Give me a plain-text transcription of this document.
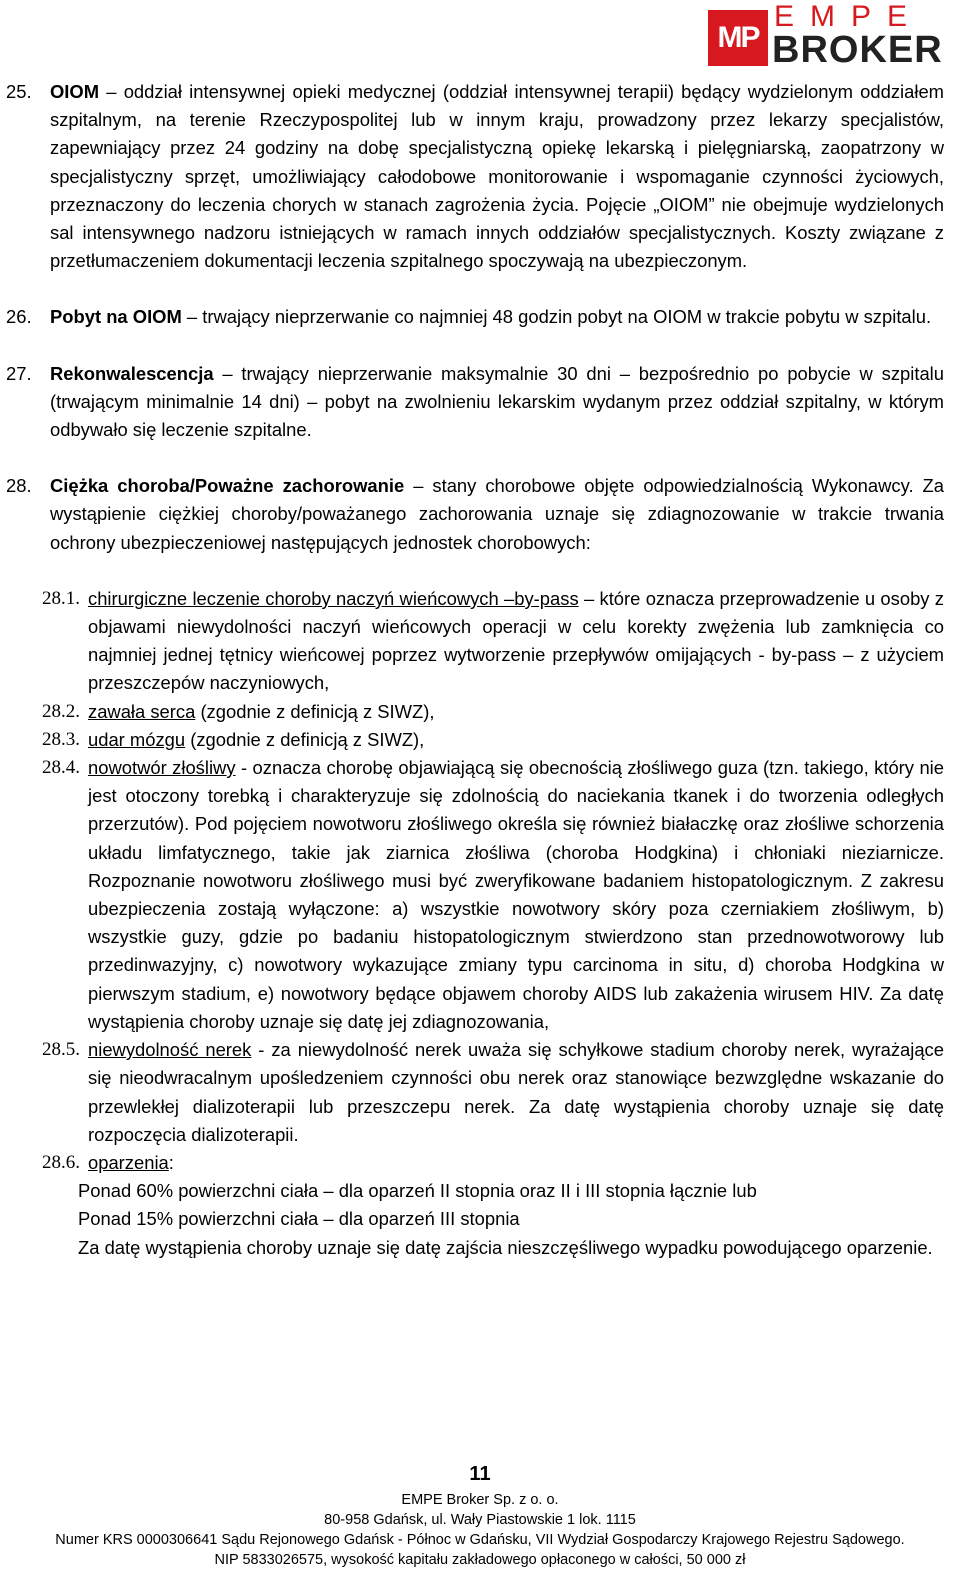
MP
EMPE
BROKER
25. OIOM – oddział intensywnej opieki medycznej (oddział intensywnej terapii) będący wydzielonym oddziałem szpitalnym, na terenie Rzeczypospolitej lub w innym kraju, prowadzony przez lekarzy specjalistów, zapewniający przez 24 godziny na dobę specjalistyczną opiekę lekarską i pielęgniarską, zaopatrzony w specjalistyczny sprzęt, umożliwiający całodobowe monitorowanie i wspomaganie czynności życiowych, przeznaczony do leczenia chorych w stanach zagrożenia życia. Pojęcie „OIOM” nie obejmuje wydzielonych sal intensywnego nadzoru istniejących w ramach innych oddziałów specjalistycznych. Koszty związane z przetłumaczeniem dokumentacji leczenia szpitalnego spoczywają na ubezpieczonym.
26. Pobyt na OIOM – trwający nieprzerwanie co najmniej 48 godzin pobyt na OIOM w trakcie pobytu w szpitalu.
27. Rekonwalescencja – trwający nieprzerwanie maksymalnie 30 dni – bezpośrednio po pobycie w szpitalu (trwającym minimalnie 14 dni) – pobyt na zwolnieniu lekarskim wydanym przez oddział szpitalny, w którym odbywało się leczenie szpitalne.
28. Ciężka choroba/Poważne zachorowanie – stany chorobowe objęte odpowiedzialnością Wykonawcy. Za wystąpienie ciężkiej choroby/poważanego zachorowania uznaje się zdiagnozowanie w trakcie trwania ochrony ubezpieczeniowej następujących jednostek chorobowych:
28.1. chirurgiczne leczenie choroby naczyń wieńcowych –by-pass – które oznacza przeprowadzenie u osoby z objawami niewydolności naczyń wieńcowych operacji w celu korekty zwężenia lub zamknięcia co najmniej jednej tętnicy wieńcowej poprzez wytworzenie przepływów omijających - by-pass – z użyciem przeszczepów naczyniowych,
28.2. zawała serca (zgodnie z definicją z SIWZ),
28.3. udar mózgu (zgodnie z definicją z SIWZ),
28.4. nowotwór złośliwy - oznacza chorobę objawiającą się obecnością złośliwego guza (tzn. takiego, który nie jest otoczony torebką i charakteryzuje się zdolnością do naciekania tkanek i do tworzenia odległych przerzutów). Pod pojęciem nowotworu złośliwego określa się również białaczkę oraz złośliwe schorzenia układu limfatycznego, takie jak ziarnica złośliwa (choroba Hodgkina) i chłoniaki nieziarnicze. Rozpoznanie nowotworu złośliwego musi być zweryfikowane badaniem histopatologicznym. Z zakresu ubezpieczenia zostają wyłączone: a) wszystkie nowotwory skóry poza czerniakiem złośliwym, b) wszystkie guzy, gdzie po badaniu histopatologicznym stwierdzono stan przednowotworowy lub przedinwazyjny, c) nowotwory wykazujące zmiany typu carcinoma in situ, d) choroba Hodgkina w pierwszym stadium, e) nowotwory będące objawem choroby AIDS lub zakażenia wirusem HIV. Za datę wystąpienia choroby uznaje się datę jej zdiagnozowania,
28.5. niewydolność nerek - za niewydolność nerek uważa się schyłkowe stadium choroby nerek, wyrażające się nieodwracalnym upośledzeniem czynności obu nerek oraz stanowiące bezwzględne wskazanie do przewlekłej dializoterapii lub przeszczepu nerek. Za datę wystąpienia choroby uznaje się datę rozpoczęcia dializoterapii.
28.6. oparzenia:
Ponad 60% powierzchni ciała – dla oparzeń II stopnia oraz II i III stopnia łącznie lub
Ponad 15% powierzchni ciała – dla oparzeń III stopnia
Za datę wystąpienia choroby uznaje się datę zajścia nieszczęśliwego wypadku powodującego oparzenie.
11
EMPE Broker Sp. z o. o.
80-958 Gdańsk, ul. Wały Piastowskie 1 lok. 1115
Numer KRS 0000306641 Sądu Rejonowego Gdańsk - Północ w Gdańsku, VII Wydział Gospodarczy Krajowego Rejestru Sądowego.
NIP 5833026575, wysokość kapitału zakładowego opłaconego w całości, 50 000 zł
